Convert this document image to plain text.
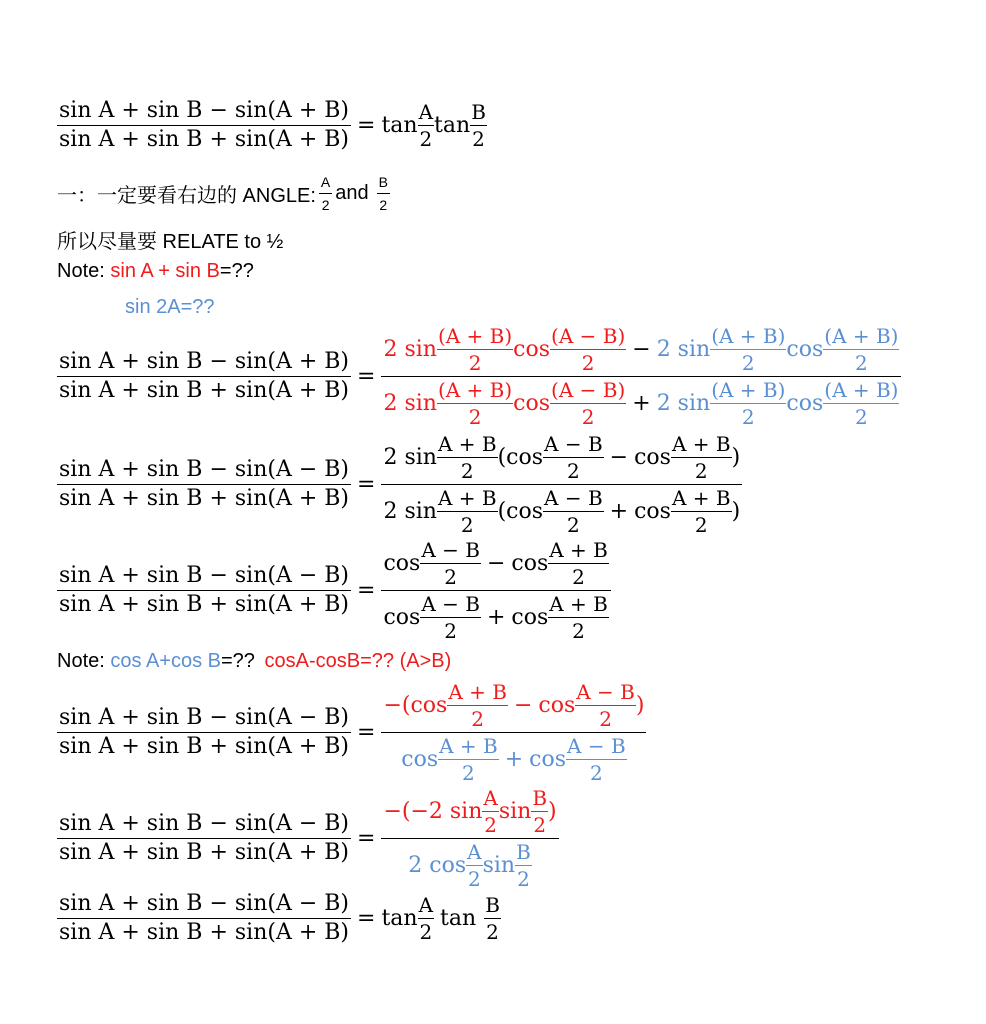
$\frac{\text{sin A + sin B − sin(A + B)}}{\text{sin A + sin B + sin(A + B)}} = \tan \frac{A}{2}$ $\tan \frac{B}{2}$
一：一定要看右边的 ANGLE: $\frac{A}{2}$ and $\frac{B}{2}$
所以尽量要 RELATE to ½
Note: sin A + sin B=??
sin 2A=??
$\frac{\text{sin A + sin B − sin(A + B)}}{\text{sin A + sin B + sin(A + B)}}$ =
2 $\sin \frac{(A + B)}{2}$ $\cos \frac{(A - B)}{2} - 2$ $\sin \frac{(A + B)}{2}$ $\cos \frac{(A + B)}{2}$
2 $\sin \frac{(A + B)}{2}$ $\cos \frac{(A - B)}{2} + 2$ $\sin \frac{(A + B)}{2}$ $\cos \frac{(A + B)}{2}$
$\frac{\text{sin A + sin B − sin(A − B)}}{\text{sin A + sin B + sin(A + B)}}$ =
2 $\sin \frac{A + B}{2} (\cos \frac{A - B}{2} - \cos \frac{A + B}{2}$ )
2 $\sin \frac{A + B}{2} (\cos \frac{A - B}{2} + \cos \frac{A + B}{2}$ )
$\frac{\text{sin A + sin B − sin(A − B)}}{\text{sin A + sin B + sin(A + B)}} = \frac{\cos \frac{A - B}{2} - \cos \frac{A + B}{2}}{\cos \frac{A - B}{2} + \cos \frac{A + B}{2}}$
Note: cos A+cos B=?? cosA-cosB=?? (A>B)
$\frac{\text{sin A + sin B − sin(A − B)}}{\text{sin A + sin B + sin(A + B)}} = \frac{-(\cos \frac{A + B}{2} - \cos \frac{A - B}{2} )}{\cos \frac{A + B}{2} + \cos \frac{A - B}{2}}$
$\frac{\text{sin A + sin B − sin(A − B)}}{\text{sin A + sin B + sin(A + B)}} = \frac{-(-2 \sin \frac{A}{2} \sin \frac{B}{2} )}{2 \cos \frac{A}{2} \sin \frac{B}{2}}$
$\frac{\text{sin A + sin B − sin(A − B)}}{\text{sin A + sin B + sin(A + B)}} = \tan \frac{A}{2}$ $\tan \frac{B}{2}$
